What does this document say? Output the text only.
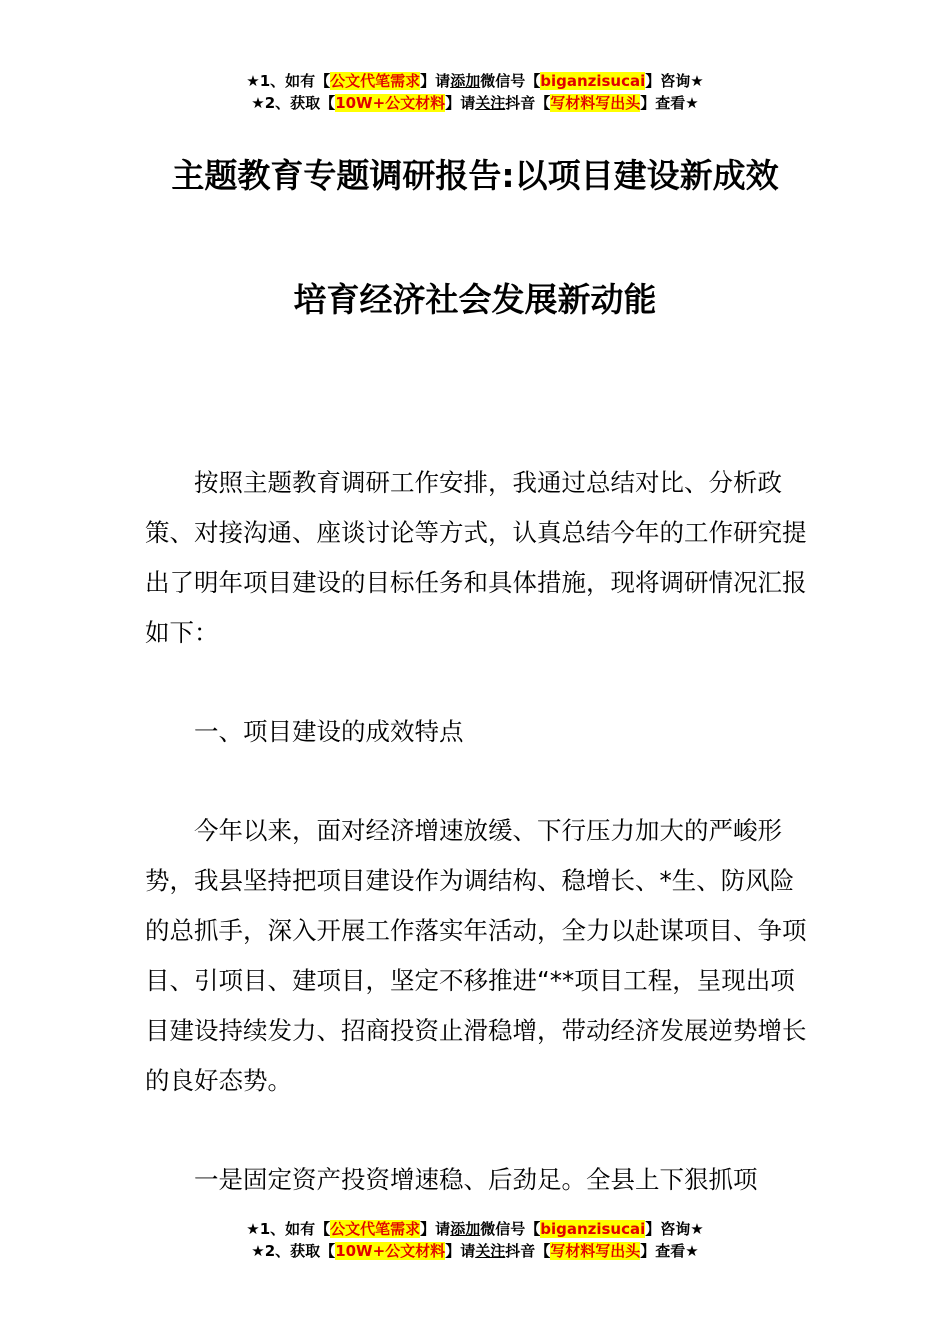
★1、如有【公文代笔需求】请添加微信号【biganzisucai】咨询★
★2、获取【10W+公文材料】请关注抖音【写材料写出头】查看★
主题教育专题调研报告:以项目建设新成效
培育经济社会发展新动能

按照主题教育调研工作安排，我通过总结对比、分析政策、对接沟通、座谈讨论等方式，认真总结今年的工作研究提出了明年项目建设的目标任务和具体措施，现将调研情况汇报如下：

一、项目建设的成效特点

今年以来，面对经济增速放缓、下行压力加大的严峻形势，我县坚持把项目建设作为调结构、稳增长、*生、防风险的总抓手，深入开展工作落实年活动，全力以赴谋项目、争项目、引项目、建项目，坚定不移推进“**项目工程，呈现出项目建设持续发力、招商投资止滑稳增，带动经济发展逆势增长的良好态势。

一是固定资产投资增速稳、后劲足。全县上下狠抓项

★1、如有【公文代笔需求】请添加微信号【biganzisucai】咨询★
★2、获取【10W+公文材料】请关注抖音【写材料写出头】查看★
